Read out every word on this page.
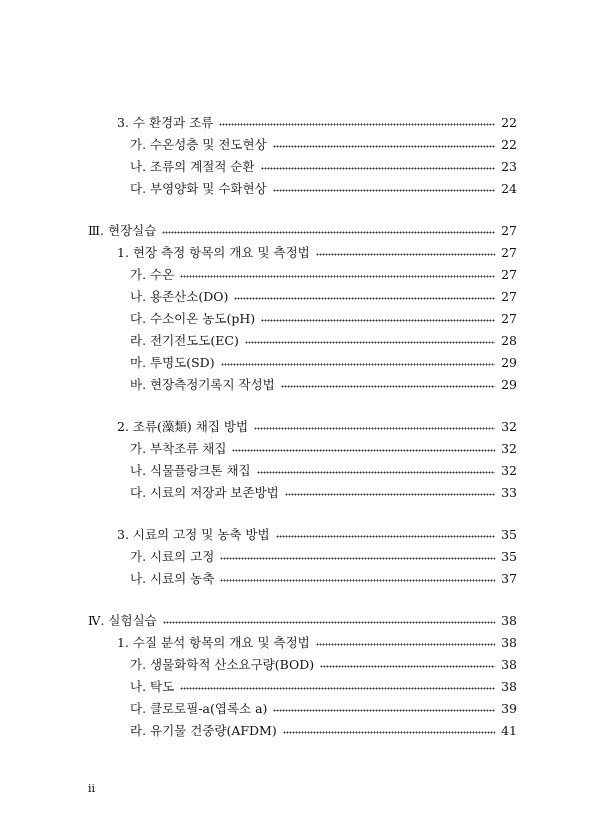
3. 수 환경과 조류	22
가. 수온성층 및 전도현상	22
나. 조류의 계절적 순환	23
다. 부영양화 및 수화현상	24
Ⅲ. 현장실습	27
1. 현장 측정 항목의 개요 및 측정법	27
가. 수온	27
나. 용존산소(DO)	27
다. 수소이온 농도(pH)	27
라. 전기전도도(EC)	28
마. 투명도(SD)	29
바. 현장측정기록지 작성법	29
2. 조류(藻類) 채집 방법	32
가. 부착조류 채집	32
나. 식물플랑크톤 채집	32
다. 시료의 저장과 보존방법	33
3. 시료의 고정 및 농축 방법	35
가. 시료의 고정	35
나. 시료의 농축	37
Ⅳ. 실험실습	38
1. 수질 분석 항목의 개요 및 측정법	38
가. 생물화학적 산소요구량(BOD)	38
나. 탁도	38
다. 클로로필-a(엽록소 a)	39
라. 유기물 건중량(AFDM)	41
ii
